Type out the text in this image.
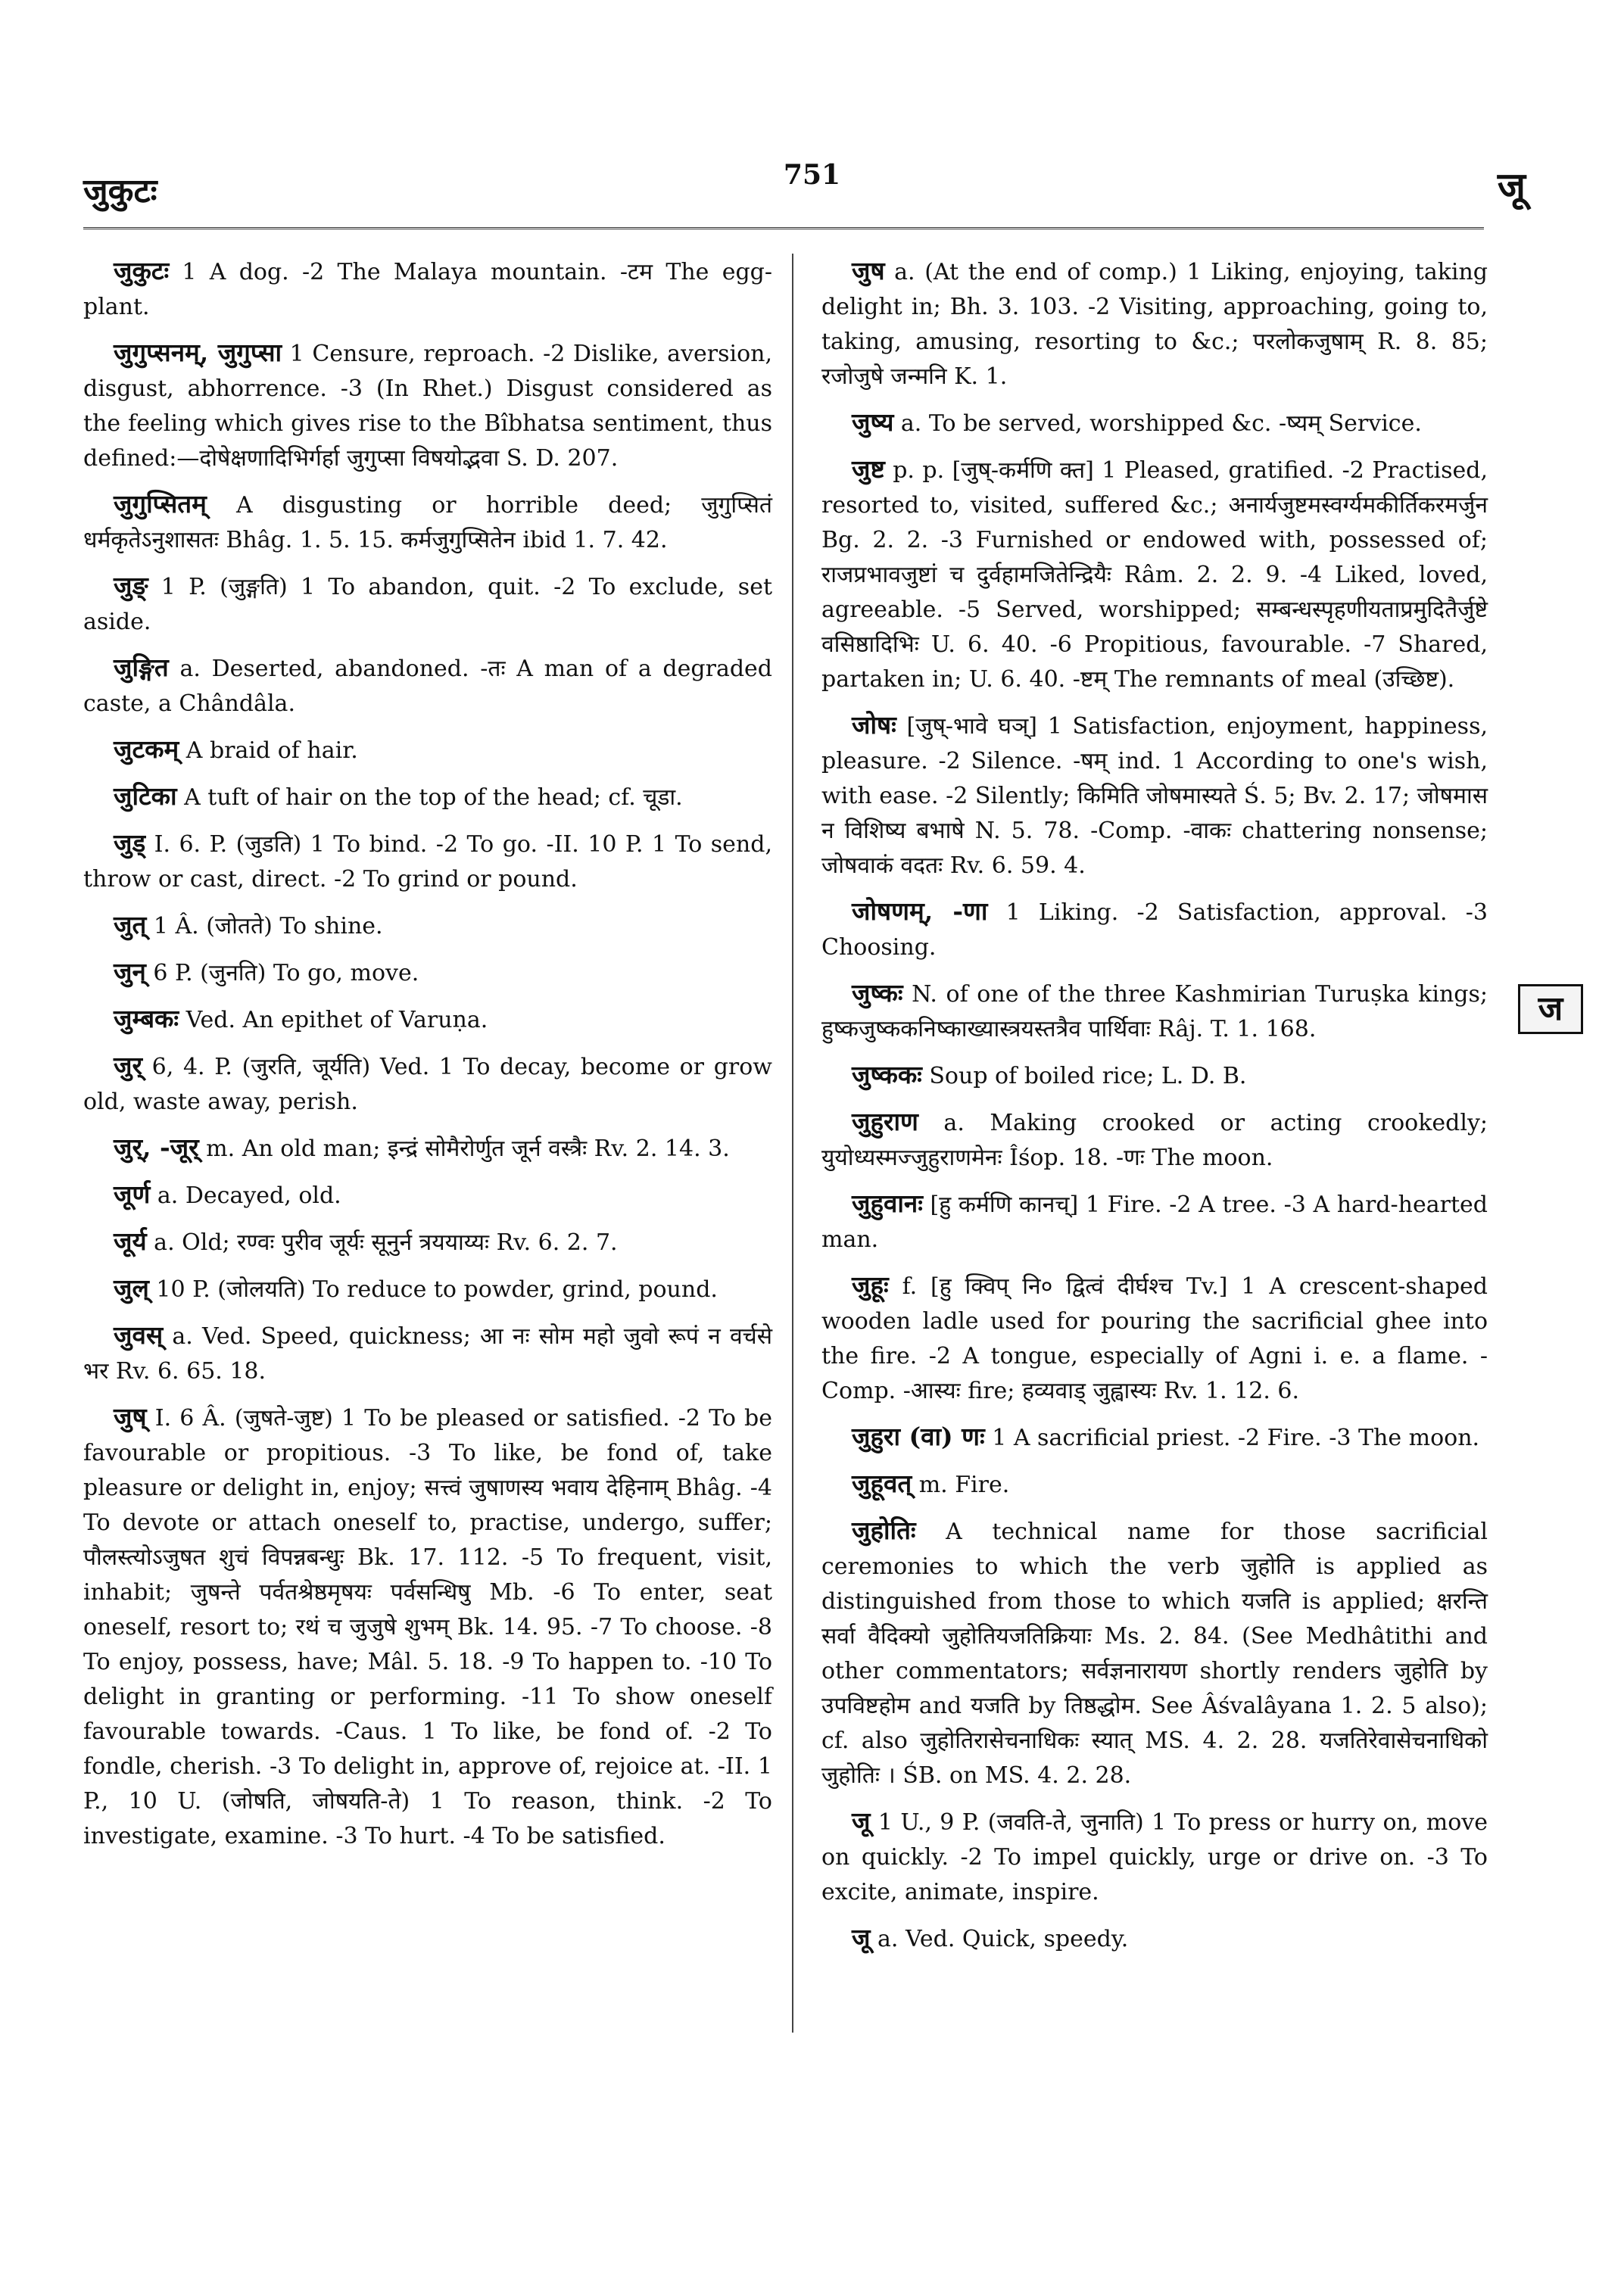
जुकुटः	751	जू

जुकुटः 1 A dog. -2 The Malaya mountain. -टम The egg-plant.

जुगुप्सनम्, जुगुप्सा 1 Censure, reproach. -2 Dislike, aversion, disgust, abhorrence. -3 (In Rhet.) Disgust considered as the feeling which gives rise to the Bîbhatsa sentiment, thus defined:—दोषेक्षणादिभिर्गर्हा जुगुप्सा विषयोद्भवा S. D. 207.

जुगुप्सितम् A disgusting or horrible deed; जुगुप्सितं धर्मकृतेऽनुशासतः Bhâg. 1. 5. 15. कर्मजुगुप्सितेन ibid 1. 7. 42.

जुङ् 1 P. (जुङ्गति) 1 To abandon, quit. -2 To exclude, set aside.

जुङ्गित a. Deserted, abandoned. -तः A man of a degraded caste, a Chândâla.

जुटकम् A braid of hair.

जुटिका A tuft of hair on the top of the head; cf. चूडा.

जुड् I. 6. P. (जुडति) 1 To bind. -2 To go. -II. 10 P. 1 To send, throw or cast, direct. -2 To grind or pound.

जुत् 1 Â. (जोतते) To shine.

जुन् 6 P. (जुनति) To go, move.

जुम्बकः Ved. An epithet of Varuṇa.

जुर् 6, 4. P. (जुरति, जूर्यति) Ved. 1 To decay, become or grow old, waste away, perish.

जुर्, -जूर् m. An old man; इन्द्रं सोमैरोर्णुत जूर्न वस्त्रैः Rv. 2. 14. 3.

जूर्ण a. Decayed, old.

जूर्य a. Old; रण्वः पुरीव जूर्यः सूनुर्न त्रययाय्यः Rv. 6. 2. 7.

जुल् 10 P. (जोलयति) To reduce to powder, grind, pound.

जुवस् a. Ved. Speed, quickness; आ नः सोम महो जुवो रूपं न वर्चसे भर Rv. 6. 65. 18.

जुष् I. 6 Â. (जुषते-जुष्ट) 1 To be pleased or satisfied. -2 To be favourable or propitious. -3 To like, be fond of, take pleasure or delight in, enjoy; सत्त्वं जुषाणस्य भवाय देहिनाम् Bhâg. -4 To devote or attach oneself to, practise, undergo, suffer; पौलस्त्योऽजुषत शुचं विपन्नबन्धुः Bk. 17. 112. -5 To frequent, visit, inhabit; जुषन्ते पर्वतश्रेष्ठमृषयः पर्वसन्धिषु Mb. -6 To enter, seat oneself, resort to; रथं च जुजुषे शुभम् Bk. 14. 95. -7 To choose. -8 To enjoy, possess, have; Mâl. 5. 18. -9 To happen to. -10 To delight in granting or performing. -11 To show oneself favourable towards. -Caus. 1 To like, be fond of. -2 To fondle, cherish. -3 To delight in, approve of, rejoice at. -II. 1 P., 10 U. (जोषति, जोषयति-ते) 1 To reason, think. -2 To investigate, examine. -3 To hurt. -4 To be satisfied.

जुष a. (At the end of comp.) 1 Liking, enjoying, taking delight in; Bh. 3. 103. -2 Visiting, approaching, going to, taking, amusing, resorting to &c.; परलोकजुषाम् R. 8. 85; रजोजुषे जन्मनि K. 1.

जुष्य a. To be served, worshipped &c. -ष्यम् Service.

जुष्ट p. p. [जुष्-कर्मणि क्त] 1 Pleased, gratified. -2 Practised, resorted to, visited, suffered &c.; अनार्यजुष्टमस्वर्ग्यमकीर्तिकरमर्जुन Bg. 2. 2. -3 Furnished or endowed with, possessed of; राजप्रभावजुष्टां च दुर्वहामजितेन्द्रियैः Râm. 2. 2. 9. -4 Liked, loved, agreeable. -5 Served, worshipped; सम्बन्धस्पृहणीयताप्रमुदितैर्जुष्टे वसिष्ठादिभिः U. 6. 40. -6 Propitious, favourable. -7 Shared, partaken in; U. 6. 40. -ष्टम् The remnants of meal (उच्छिष्ट).

जोषः [जुष्-भावे घञ्] 1 Satisfaction, enjoyment, happiness, pleasure. -2 Silence. -षम् ind. 1 According to one's wish, with ease. -2 Silently; किमिति जोषमास्यते Ś. 5; Bv. 2. 17; जोषमास न विशिष्य बभाषे N. 5. 78. -Comp. -वाकः chattering nonsense; जोषवाकं वदतः Rv. 6. 59. 4.

जोषणम्, -णा 1 Liking. -2 Satisfaction, approval. -3 Choosing.

जुष्कः N. of one of the three Kashmirian Turuṣka kings; हुष्कजुष्ककनिष्काख्यास्त्रयस्तत्रैव पार्थिवाः Râj. T. 1. 168.

जुष्ककः Soup of boiled rice; L. D. B.

जुहुराण a. Making crooked or acting crookedly; युयोध्यस्मज्जुहुराणमेनः Îśop. 18. -णः The moon.

जुहुवानः [हु कर्मणि कानच्] 1 Fire. -2 A tree. -3 A hard-hearted man.

जुहूः f. [हु क्विप् नि० द्वित्वं दीर्घश्च Tv.] 1 A crescent-shaped wooden ladle used for pouring the sacrificial ghee into the fire. -2 A tongue, especially of Agni i. e. a flame. -Comp. -आस्यः fire; हव्यवाड् जुह्वास्यः Rv. 1. 12. 6.

जुहुरा (वा) णः 1 A sacrificial priest. -2 Fire. -3 The moon.

जुहूवत् m. Fire.

जुहोतिः A technical name for those sacrificial ceremonies to which the verb जुहोति is applied as distinguished from those to which यजति is applied; क्षरन्ति सर्वा वैदिक्यो जुहोतियजतिक्रियाः Ms. 2. 84. (See Medhâtithi and other commentators; सर्वज्ञनारायण shortly renders जुहोति by उपविष्टहोम and यजति by तिष्ठद्धोम. See Âśvalâyana 1. 2. 5 also); cf. also जुहोतिरासेचनाधिकः स्यात् MS. 4. 2. 28. यजतिरेवासेचनाधिको जुहोतिः । ŚB. on MS. 4. 2. 28.

जू 1 U., 9 P. (जवति-ते, जुनाति) 1 To press or hurry on, move on quickly. -2 To impel quickly, urge or drive on. -3 To excite, animate, inspire.

जू a. Ved. Quick, speedy.

ज
